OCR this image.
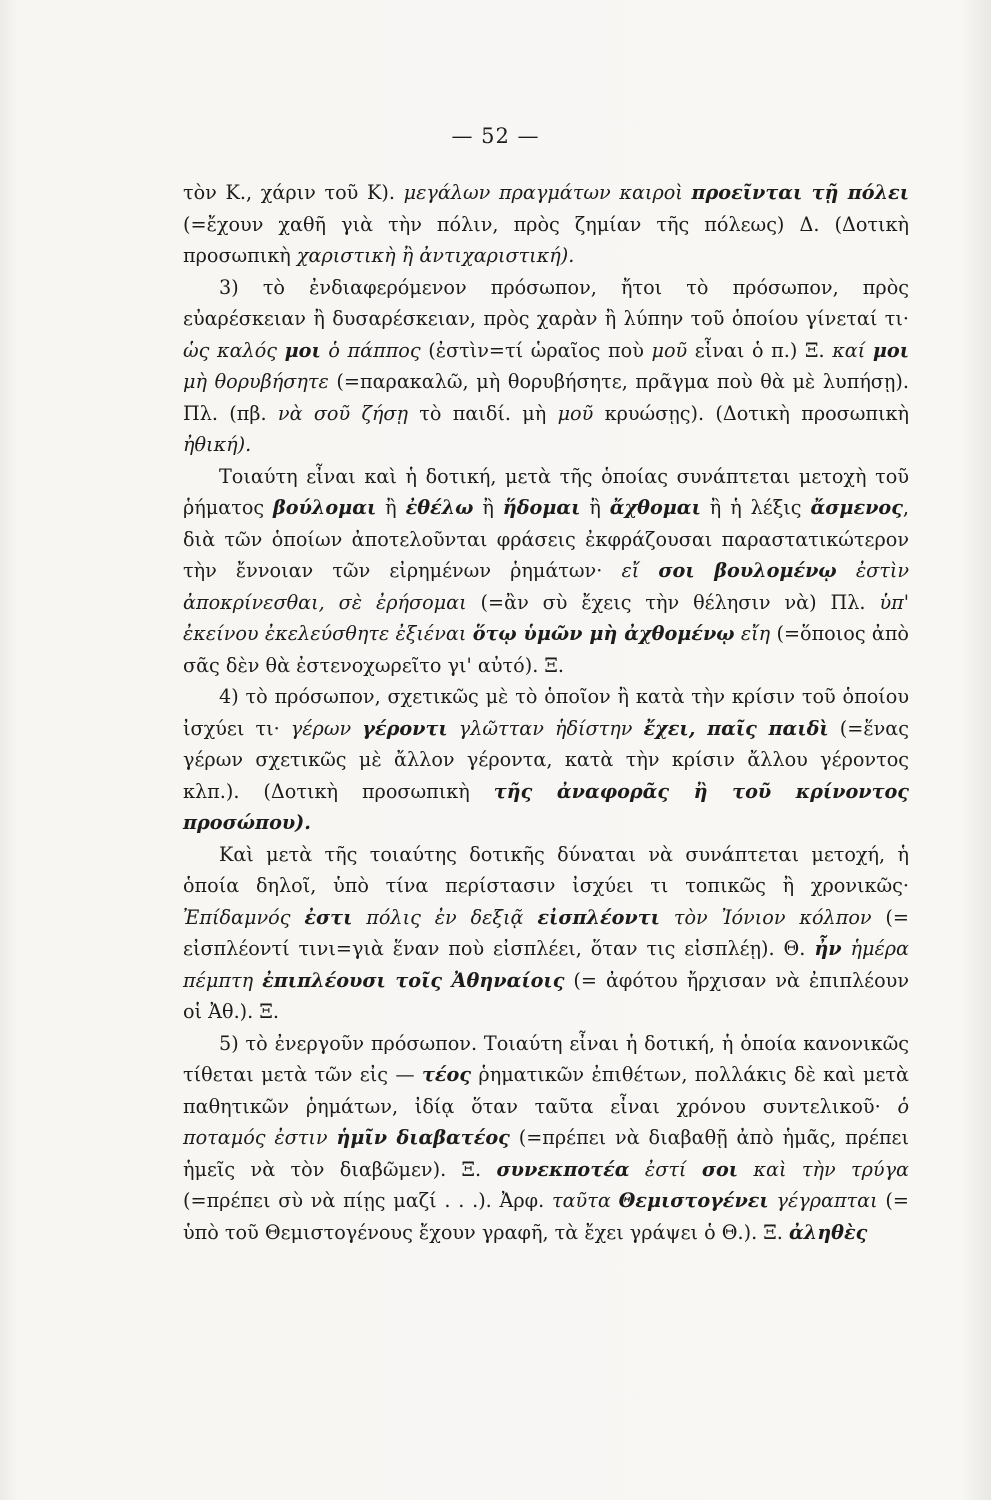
— 52 —

τὸν Κ., χάριν τοῦ Κ). μεγάλων πραγμάτων καιροὶ προεῖνται τῇ πόλει (=ἔχουν χαθῆ γιὰ τὴν πόλιν, πρὸς ζημίαν τῆς πόλεως) Δ. (Δοτικὴ προσωπικὴ χαριστικὴ ἢ ἀντιχαριστική).

3) τὸ ἐνδιαφερόμενον πρόσωπον, ἤτοι τὸ πρόσωπον, πρὸς εὐαρέσκειαν ἢ δυσαρέσκειαν, πρὸς χαρὰν ἢ λύπην τοῦ ὁποίου γίνεταί τι· ὡς καλός μοι ὁ πάππος (ἐστὶν=τί ὡραῖος ποὺ μοῦ εἶναι ὁ π.) Ξ. καί μοι μὴ θορυβήσητε (=παρακαλῶ, μὴ θορυβήσητε, πρᾶγμα ποὺ θὰ μὲ λυπήσῃ). Πλ. (πβ. νὰ σοῦ ζήσῃ τὸ παιδί. μὴ μοῦ κρυώσῃς). (Δοτικὴ προσωπικὴ ἠθική).

Τοιαύτη εἶναι καὶ ἡ δοτική, μετὰ τῆς ὁποίας συνάπτεται μετοχὴ τοῦ ῥήματος βούλομαι ἢ ἐθέλω ἢ ἥδομαι ἢ ἄχθομαι ἢ ἡ λέξις ἄσμενος, διὰ τῶν ὁποίων ἀποτελοῦνται φράσεις ἐκφράζουσαι παραστατικώτερον τὴν ἔννοιαν τῶν εἰρημένων ῥημάτων· εἴ σοι βουλομένῳ ἐστὶν ἀποκρίνεσθαι, σὲ ἐρήσομαι (=ἂν σὺ ἔχεις τὴν θέλησιν νὰ) Πλ. ὑπ' ἐκείνου ἐκελεύσθητε ἐξιέναι ὅτῳ ὑμῶν μὴ ἀχθομένῳ εἴη (=ὅποιος ἀπὸ σᾶς δὲν θὰ ἐστενοχωρεῖτο γι' αὐτό). Ξ.

4) τὸ πρόσωπον, σχετικῶς μὲ τὸ ὁποῖον ἢ κατὰ τὴν κρίσιν τοῦ ὁποίου ἰσχύει τι· γέρων γέροντι γλῶτταν ἡδίστην ἔχει, παῖς παιδὶ (=ἕνας γέρων σχετικῶς μὲ ἄλλον γέροντα, κατὰ τὴν κρίσιν ἄλλου γέροντος κλπ.). (Δοτικὴ προσωπικὴ τῆς ἀναφορᾶς ἢ τοῦ κρίνοντος προσώπου).

Καὶ μετὰ τῆς τοιαύτης δοτικῆς δύναται νὰ συνάπτεται μετοχή, ἡ ὁποία δηλοῖ, ὑπὸ τίνα περίστασιν ἰσχύει τι τοπικῶς ἢ χρονικῶς· Ἐπίδαμνός ἐστι πόλις ἐν δεξιᾷ εἰσπλέοντι τὸν Ἰόνιον κόλπον (= εἰσπλέοντί τινι=γιὰ ἕναν ποὺ εἰσπλέει, ὅταν τις εἰσπλέῃ). Θ. ἦν ἡμέρα πέμπτη ἐπιπλέουσι τοῖς Ἀθηναίοις (= ἀφότου ἤρχισαν νὰ ἐπιπλέουν οἱ Ἀθ.). Ξ.

5) τὸ ἐνεργοῦν πρόσωπον. Τοιαύτη εἶναι ἡ δοτική, ἡ ὁποία κανονικῶς τίθεται μετὰ τῶν εἰς — τέος ῥηματικῶν ἐπιθέτων, πολλάκις δὲ καὶ μετὰ παθητικῶν ῥημάτων, ἰδίᾳ ὅταν ταῦτα εἶναι χρόνου συντελικοῦ· ὁ ποταμός ἐστιν ἡμῖν διαβατέος (=πρέπει νὰ διαβαθῇ ἀπὸ ἡμᾶς, πρέπει ἡμεῖς νὰ τὸν διαβῶμεν). Ξ. συνεκποτέα ἐστί σοι καὶ τὴν τρύγα (=πρέπει σὺ νὰ πίῃς μαζί . . .). Ἀρφ. ταῦτα Θεμιστογένει γέγραπται (= ὑπὸ τοῦ Θεμιστογένους ἔχουν γραφῆ, τὰ ἔχει γράψει ὁ Θ.). Ξ. ἀληθὲς
